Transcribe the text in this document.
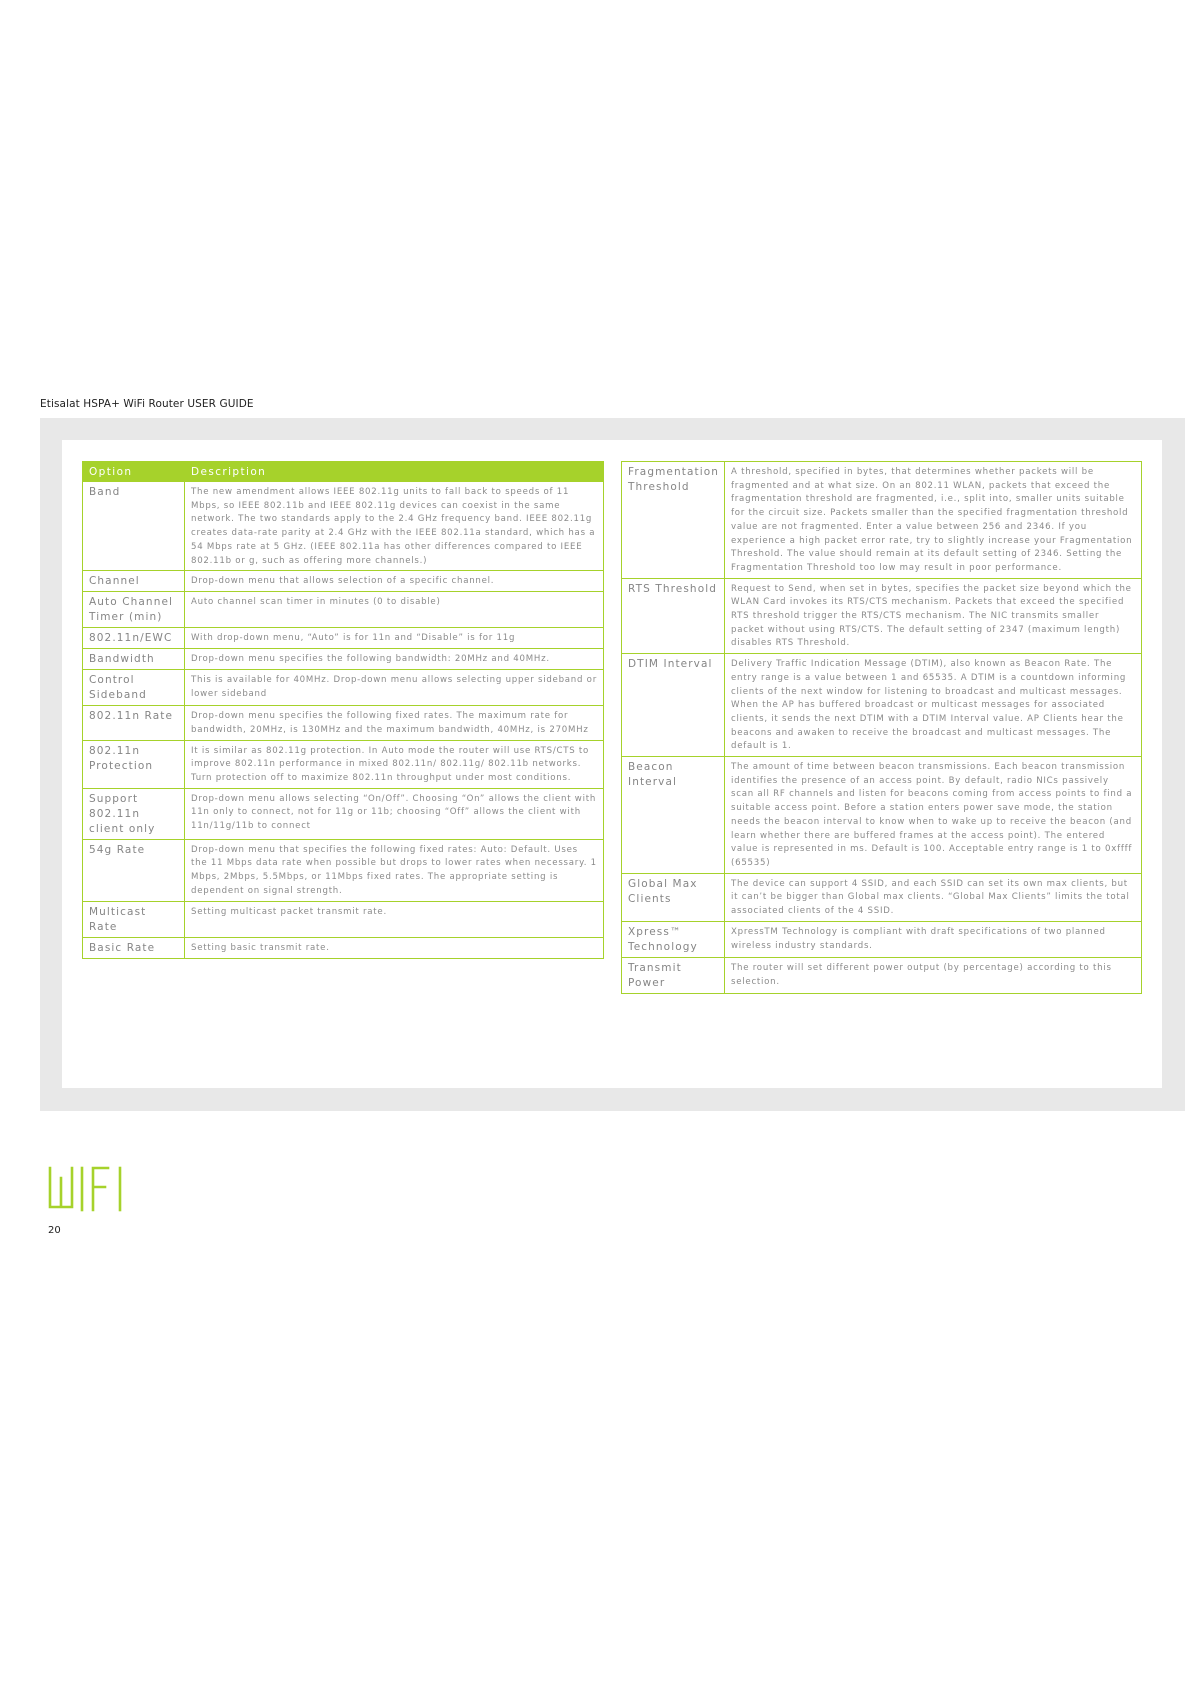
Etisalat HSPA+ WiFi Router USER GUIDE
Option	Description
Band	The new amendment allows IEEE 802.11g units to fall back to speeds of 11 Mbps, so IEEE 802.11b and IEEE 802.11g devices can coexist in the same network. The two standards apply to the 2.4 GHz frequency band. IEEE 802.11g creates data-rate parity at 2.4 GHz with the IEEE 802.11a standard, which has a 54 Mbps rate at 5 GHz. (IEEE 802.11a has other differences compared to IEEE 802.11b or g, such as offering more channels.)
Channel	Drop-down menu that allows selection of a specific channel.
Auto Channel Timer (min)	Auto channel scan timer in minutes (0 to disable)
802.11n/EWC	With drop-down menu, “Auto” is for 11n and “Disable” is for 11g
Bandwidth	Drop-down menu specifies the following bandwidth: 20MHz and 40MHz.
Control Sideband	This is available for 40MHz. Drop-down menu allows selecting upper sideband or lower sideband
802.11n Rate	Drop-down menu specifies the following fixed rates. The maximum rate for bandwidth, 20MHz, is 130MHz and the maximum bandwidth, 40MHz, is 270MHz
802.11n Protection	It is similar as 802.11g protection. In Auto mode the router will use RTS/CTS to improve 802.11n performance in mixed 802.11n/ 802.11g/ 802.11b networks. Turn protection off to maximize 802.11n throughput under most conditions.
Support 802.11n client only	Drop-down menu allows selecting “On/Off”. Choosing “On” allows the client with 11n only to connect, not for 11g or 11b; choosing “Off” allows the client with 11n/11g/11b to connect
54g Rate	Drop-down menu that specifies the following fixed rates: Auto: Default. Uses the 11 Mbps data rate when possible but drops to lower rates when necessary. 1 Mbps, 2Mbps, 5.5Mbps, or 11Mbps fixed rates. The appropriate setting is dependent on signal strength.
Multicast Rate	Setting multicast packet transmit rate.
Basic Rate	Setting basic transmit rate.
Fragmentation Threshold	A threshold, specified in bytes, that determines whether packets will be fragmented and at what size. On an 802.11 WLAN, packets that exceed the fragmentation threshold are fragmented, i.e., split into, smaller units suitable for the circuit size. Packets smaller than the specified fragmentation threshold value are not fragmented. Enter a value between 256 and 2346. If you experience a high packet error rate, try to slightly increase your Fragmentation Threshold. The value should remain at its default setting of 2346. Setting the Fragmentation Threshold too low may result in poor performance.
RTS Threshold	Request to Send, when set in bytes, specifies the packet size beyond which the WLAN Card invokes its RTS/CTS mechanism. Packets that exceed the specified RTS threshold trigger the RTS/CTS mechanism. The NIC transmits smaller packet without using RTS/CTS. The default setting of 2347 (maximum length) disables RTS Threshold.
DTIM Interval	Delivery Traffic Indication Message (DTIM), also known as Beacon Rate. The entry range is a value between 1 and 65535. A DTIM is a countdown informing clients of the next window for listening to broadcast and multicast messages. When the AP has buffered broadcast or multicast messages for associated clients, it sends the next DTIM with a DTIM Interval value. AP Clients hear the beacons and awaken to receive the broadcast and multicast messages. The default is 1.
Beacon Interval	The amount of time between beacon transmissions. Each beacon transmission identifies the presence of an access point. By default, radio NICs passively scan all RF channels and listen for beacons coming from access points to find a suitable access point. Before a station enters power save mode, the station needs the beacon interval to know when to wake up to receive the beacon (and learn whether there are buffered frames at the access point). The entered value is represented in ms. Default is 100. Acceptable entry range is 1 to 0xffff (65535)
Global Max Clients	The device can support 4 SSID, and each SSID can set its own max clients, but it can’t be bigger than Global max clients. “Global Max Clients” limits the total associated clients of the 4 SSID.
Xpress™ Technology	XpressTM Technology is compliant with draft specifications of two planned wireless industry standards.
Transmit Power	The router will set different power output (by percentage) according to this selection.
20
